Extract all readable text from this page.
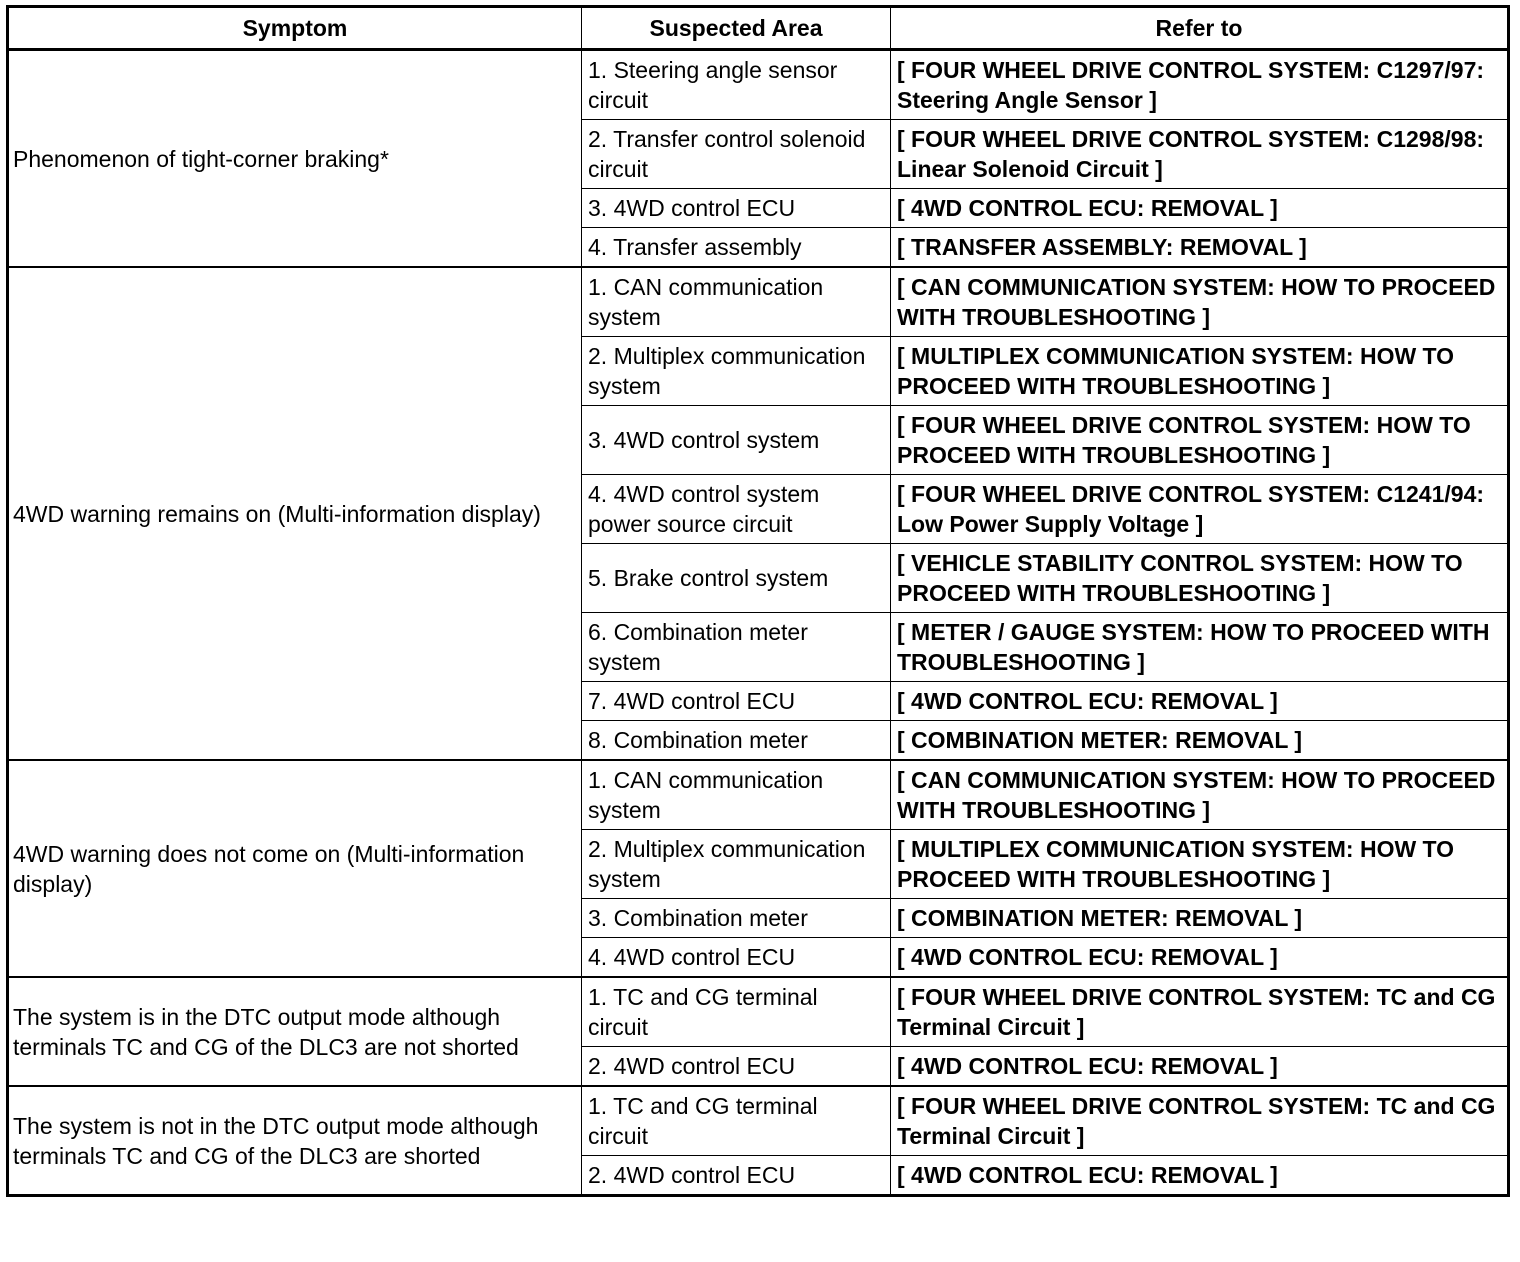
Symptom	Suspected Area	Refer to
Phenomenon of tight-corner braking*	1. Steering angle sensor circuit	[ FOUR WHEEL DRIVE CONTROL SYSTEM: C1297/97: Steering Angle Sensor ]
	2. Transfer control solenoid circuit	[ FOUR WHEEL DRIVE CONTROL SYSTEM: C1298/98: Linear Solenoid Circuit ]
	3. 4WD control ECU	[ 4WD CONTROL ECU: REMOVAL ]
	4. Transfer assembly	[ TRANSFER ASSEMBLY: REMOVAL ]
4WD warning remains on (Multi-information display)	1. CAN communication system	[ CAN COMMUNICATION SYSTEM: HOW TO PROCEED WITH TROUBLESHOOTING ]
	2. Multiplex communication system	[ MULTIPLEX COMMUNICATION SYSTEM: HOW TO PROCEED WITH TROUBLESHOOTING ]
	3. 4WD control system	[ FOUR WHEEL DRIVE CONTROL SYSTEM: HOW TO PROCEED WITH TROUBLESHOOTING ]
	4. 4WD control system power source circuit	[ FOUR WHEEL DRIVE CONTROL SYSTEM: C1241/94: Low Power Supply Voltage ]
	5. Brake control system	[ VEHICLE STABILITY CONTROL SYSTEM: HOW TO PROCEED WITH TROUBLESHOOTING ]
	6. Combination meter system	[ METER / GAUGE SYSTEM: HOW TO PROCEED WITH TROUBLESHOOTING ]
	7. 4WD control ECU	[ 4WD CONTROL ECU: REMOVAL ]
	8. Combination meter	[ COMBINATION METER: REMOVAL ]
4WD warning does not come on (Multi-information display)	1. CAN communication system	[ CAN COMMUNICATION SYSTEM: HOW TO PROCEED WITH TROUBLESHOOTING ]
	2. Multiplex communication system	[ MULTIPLEX COMMUNICATION SYSTEM: HOW TO PROCEED WITH TROUBLESHOOTING ]
	3. Combination meter	[ COMBINATION METER: REMOVAL ]
	4. 4WD control ECU	[ 4WD CONTROL ECU: REMOVAL ]
The system is in the DTC output mode although terminals TC and CG of the DLC3 are not shorted	1. TC and CG terminal circuit	[ FOUR WHEEL DRIVE CONTROL SYSTEM: TC and CG Terminal Circuit ]
	2. 4WD control ECU	[ 4WD CONTROL ECU: REMOVAL ]
The system is not in the DTC output mode although terminals TC and CG of the DLC3 are shorted	1. TC and CG terminal circuit	[ FOUR WHEEL DRIVE CONTROL SYSTEM: TC and CG Terminal Circuit ]
	2. 4WD control ECU	[ 4WD CONTROL ECU: REMOVAL ]
